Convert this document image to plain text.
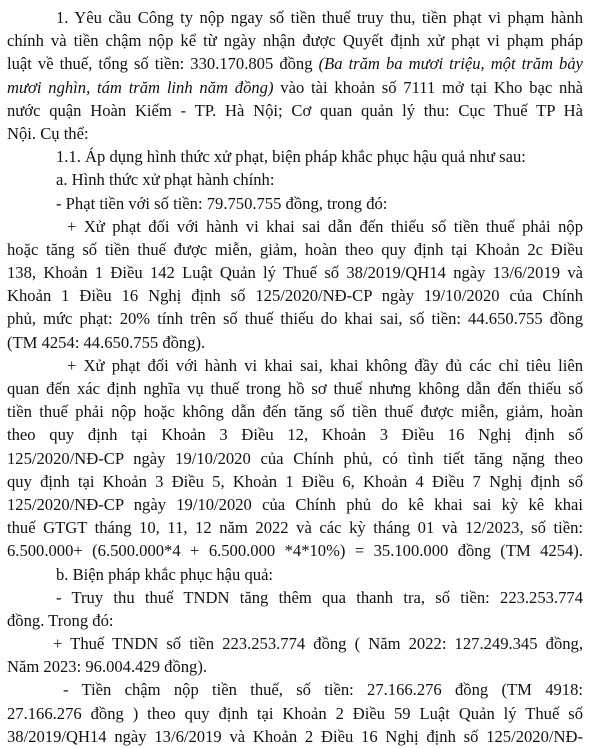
1. Yêu cầu Công ty nộp ngay số tiền thuế truy thu, tiền phạt vi phạm hành
chính và tiền chậm nộp kể từ ngày nhận được Quyết định xử phạt vi phạm pháp
luật về thuế, tổng số tiền: 330.170.805 đồng (Ba trăm ba mươi triệu, một trăm bảy
mươi nghìn, tám trăm linh năm đồng) vào tài khoản số 7111 mở tại Kho bạc nhà
nước quận Hoàn Kiếm - TP. Hà Nội; Cơ quan quản lý thu: Cục Thuế TP Hà
Nội. Cụ thể:
1.1. Áp dụng hình thức xử phạt, biện pháp khắc phục hậu quả như sau:
a. Hình thức xử phạt hành chính:
- Phạt tiền với số tiền: 79.750.755 đồng, trong đó:
+ Xử phạt đối với hành vi khai sai dẫn đến thiếu số tiền thuế phải nộp
hoặc tăng số tiền thuế được miễn, giảm, hoàn theo quy định tại Khoản 2c Điều
138, Khoản 1 Điều 142 Luật Quản lý Thuế số 38/2019/QH14 ngày 13/6/2019 và
Khoản 1 Điều 16 Nghị định số 125/2020/NĐ-CP ngày 19/10/2020 của Chính
phủ, mức phạt: 20% tính trên số thuế thiếu do khai sai, số tiền: 44.650.755 đồng
(TM 4254: 44.650.755 đồng).
+ Xử phạt đối với hành vi khai sai, khai không đầy đủ các chỉ tiêu liên
quan đến xác định nghĩa vụ thuế trong hồ sơ thuế nhưng không dẫn đến thiếu số
tiền thuế phải nộp hoặc không dẫn đến tăng số tiền thuế được miễn, giảm, hoàn
theo quy định tại Khoản 3 Điều 12, Khoản 3 Điều 16 Nghị định số
125/2020/NĐ-CP ngày 19/10/2020 của Chính phủ, có tình tiết tăng nặng theo
quy định tại Khoản 3 Điều 5, Khoản 1 Điều 6, Khoản 4 Điều 7 Nghị định số
125/2020/NĐ-CP ngày 19/10/2020 của Chính phủ do kê khai sai kỳ kê khai
thuế GTGT tháng 10, 11, 12 năm 2022 và các kỳ tháng 01 và 12/2023, số tiền:
6.500.000+ (6.500.000*4 + 6.500.000 *4*10%) = 35.100.000 đồng (TM 4254).
b. Biện pháp khắc phục hậu quả:
- Truy thu thuế TNDN tăng thêm qua thanh tra, số tiền: 223.253.774
đồng. Trong đó:
+ Thuế TNDN số tiền 223.253.774 đồng ( Năm 2022: 127.249.345 đồng,
Năm 2023: 96.004.429 đồng).
- Tiền chậm nộp tiền thuế, số tiền: 27.166.276 đồng (TM 4918:
27.166.276 đồng ) theo quy định tại Khoản 2 Điều 59 Luật Quản lý Thuế số
38/2019/QH14 ngày 13/6/2019 và Khoản 2 Điều 16 Nghị định số 125/2020/NĐ-
